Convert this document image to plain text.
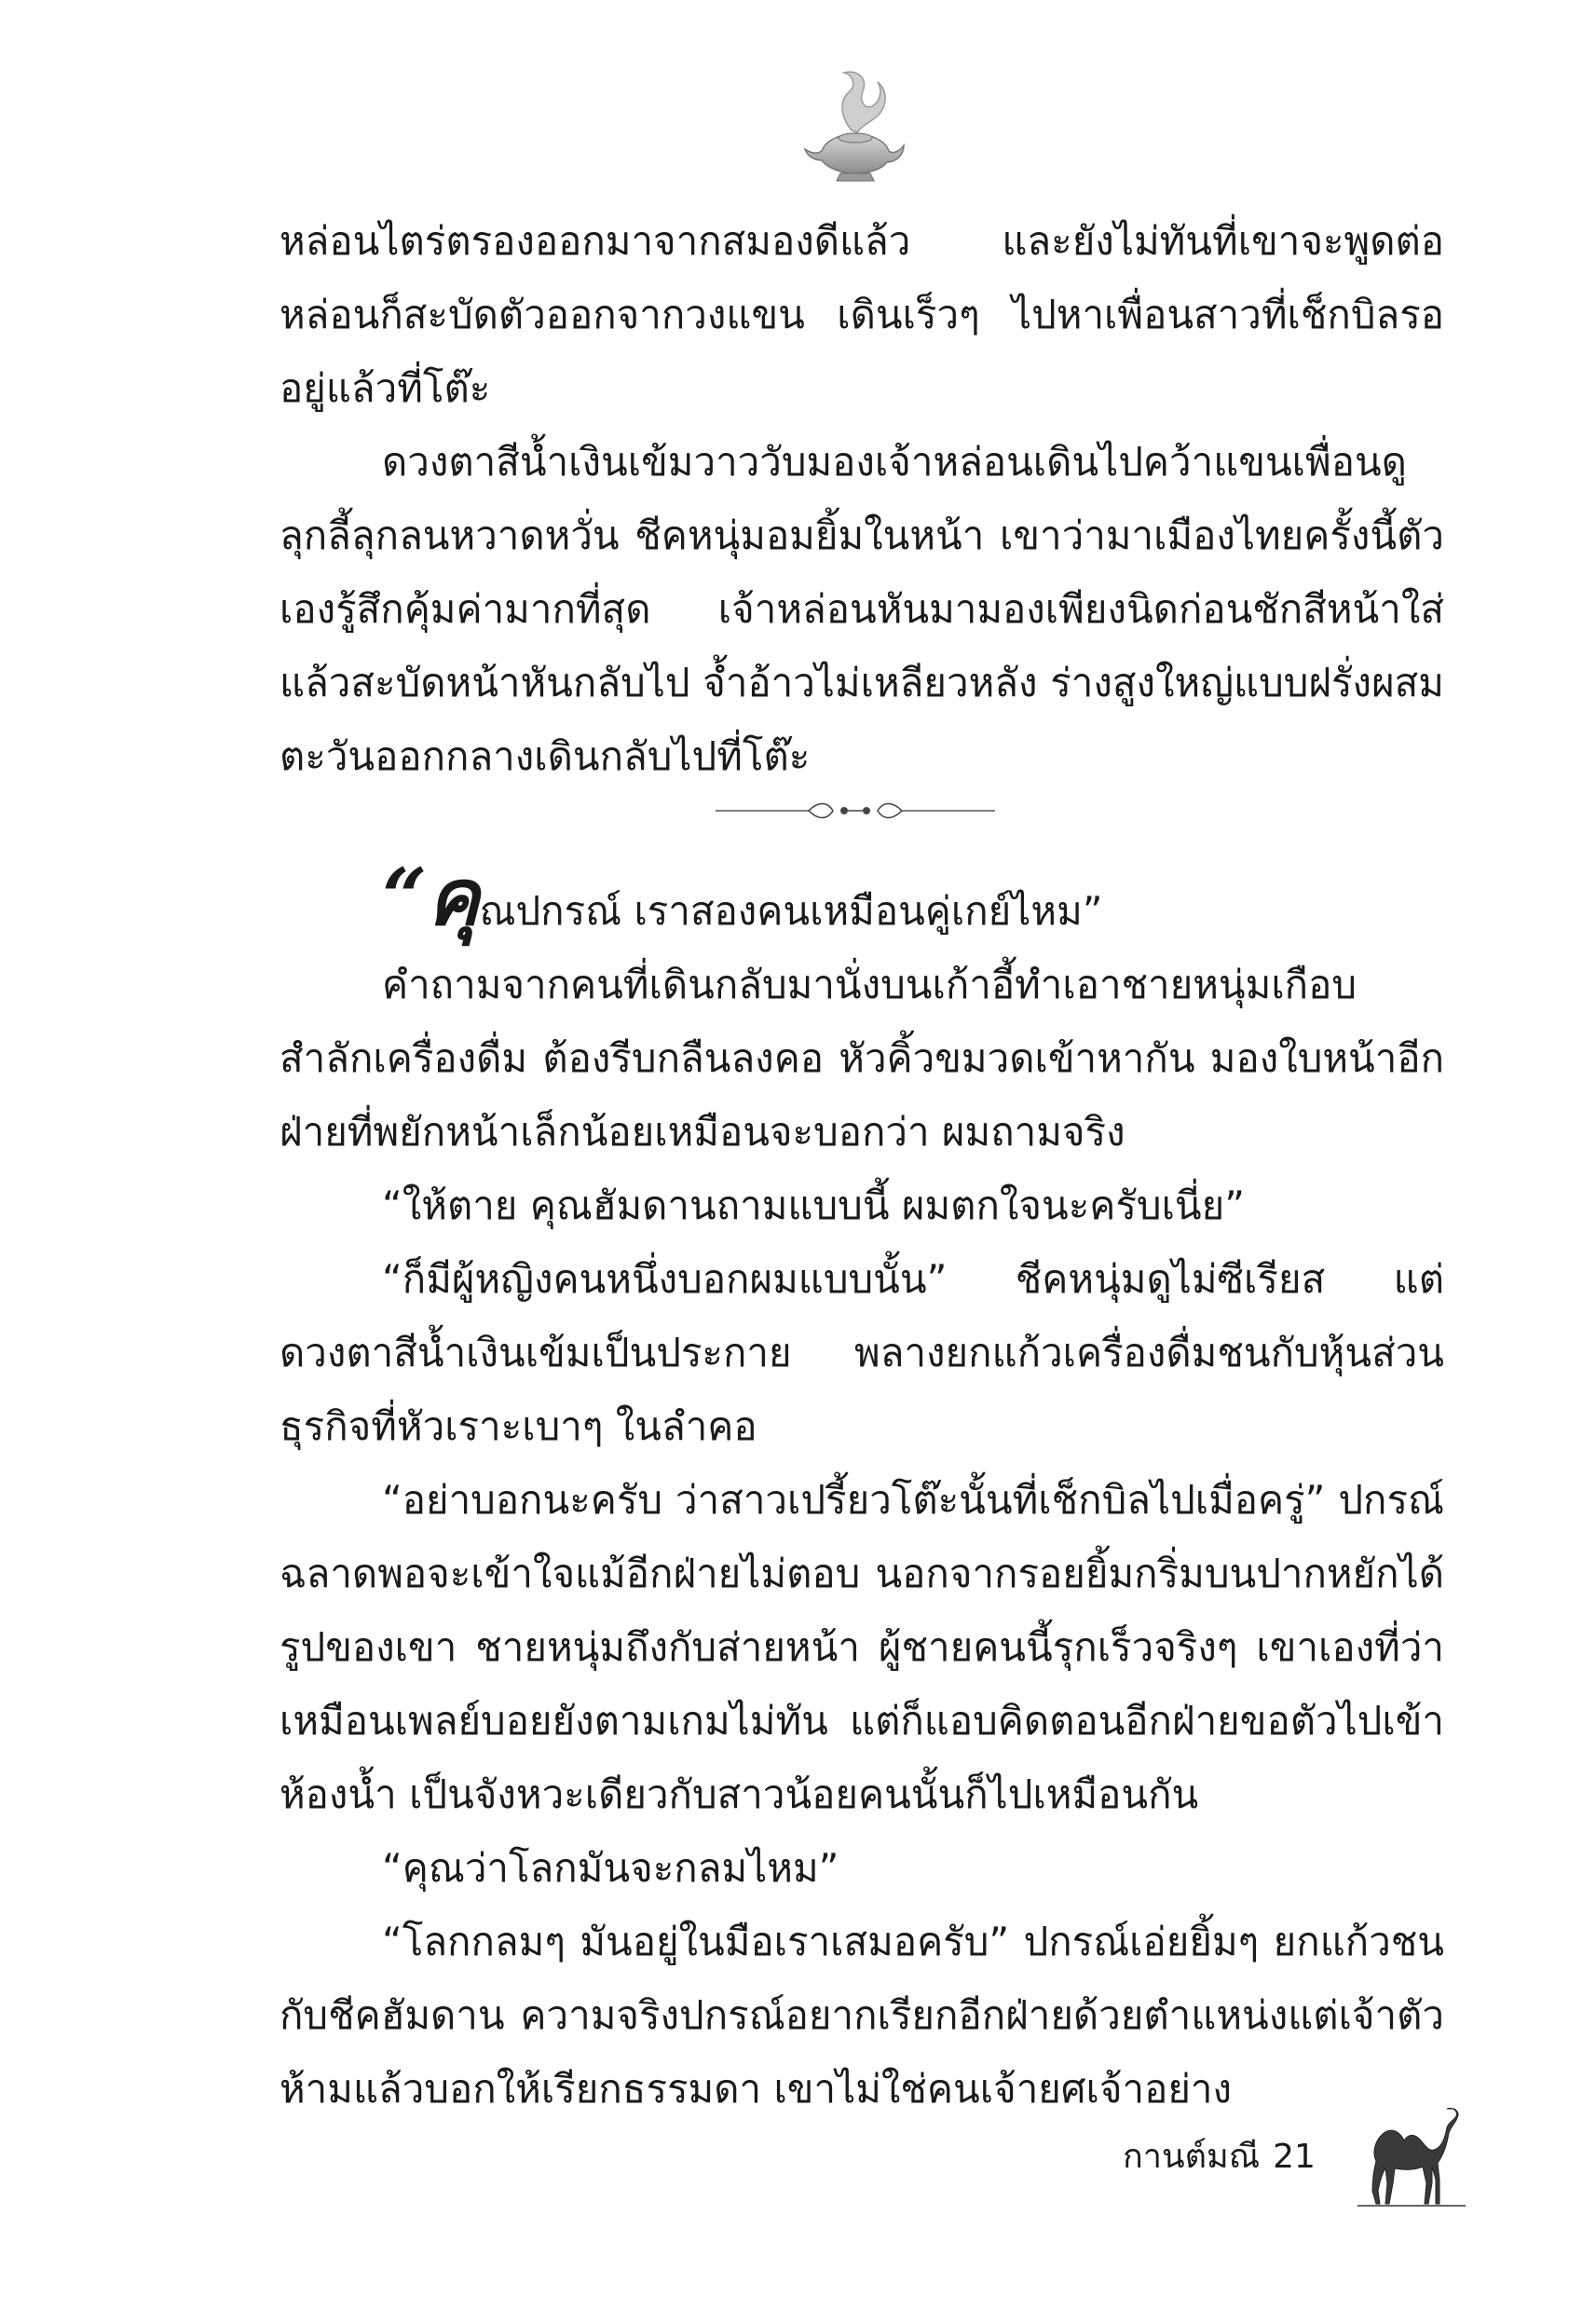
หล่อนไตร่ตรองออกมาจากสมองดีแล้ว และยังไม่ทันที่เขาจะพูดต่อ หล่อนก็สะบัดตัวออกจากวงแขน เดินเร็วๆ ไปหาเพื่อนสาวที่เช็กบิลรออยู่แล้วที่โต๊ะ

ดวงตาสีน้ำเงินเข้มวาววับมองเจ้าหล่อนเดินไปคว้าแขนเพื่อนดูลุกลี้ลุกลนหวาดหวั่น ชีคหนุ่มอมยิ้มในหน้า เขาว่ามาเมืองไทยครั้งนี้ตัวเองรู้สึกคุ้มค่ามากที่สุด เจ้าหล่อนหันมามองเพียงนิดก่อนชักสีหน้าใส่แล้วสะบัดหน้าหันกลับไป จ้ำอ้าวไม่เหลียวหลัง ร่างสูงใหญ่แบบฝรั่งผสมตะวันออกกลางเดินกลับไปที่โต๊ะ

“คุณปกรณ์ เราสองคนเหมือนคู่เกย์ไหม”

คำถามจากคนที่เดินกลับมานั่งบนเก้าอี้ทำเอาชายหนุ่มเกือบสำลักเครื่องดื่ม ต้องรีบกลืนลงคอ หัวคิ้วขมวดเข้าหากัน มองใบหน้าอีกฝ่ายที่พยักหน้าเล็กน้อยเหมือนจะบอกว่า ผมถามจริง

“ให้ตาย คุณฮัมดานถามแบบนี้ ผมตกใจนะครับเนี่ย”

“ก็มีผู้หญิงคนหนึ่งบอกผมแบบนั้น” ชีคหนุ่มดูไม่ซีเรียส แต่ดวงตาสีน้ำเงินเข้มเป็นประกาย พลางยกแก้วเครื่องดื่มชนกับหุ้นส่วนธุรกิจที่หัวเราะเบาๆ ในลำคอ

“อย่าบอกนะครับ ว่าสาวเปรี้ยวโต๊ะนั้นที่เช็กบิลไปเมื่อครู่” ปกรณ์ฉลาดพอจะเข้าใจแม้อีกฝ่ายไม่ตอบ นอกจากรอยยิ้มกริ่มบนปากหยักได้รูปของเขา ชายหนุ่มถึงกับส่ายหน้า ผู้ชายคนนี้รุกเร็วจริงๆ เขาเองที่ว่าเหมือนเพลย์บอยยังตามเกมไม่ทัน แต่ก็แอบคิดตอนอีกฝ่ายขอตัวไปเข้าห้องน้ำ เป็นจังหวะเดียวกับสาวน้อยคนนั้นก็ไปเหมือนกัน

“คุณว่าโลกมันจะกลมไหม”

“โลกกลมๆ มันอยู่ในมือเราเสมอครับ” ปกรณ์เอ่ยยิ้มๆ ยกแก้วชนกับชีคฮัมดาน ความจริงปกรณ์อยากเรียกอีกฝ่ายด้วยตำแหน่งแต่เจ้าตัวห้ามแล้วบอกให้เรียกธรรมดา เขาไม่ใช่คนเจ้ายศเจ้าอย่าง

กานต์มณี 21
